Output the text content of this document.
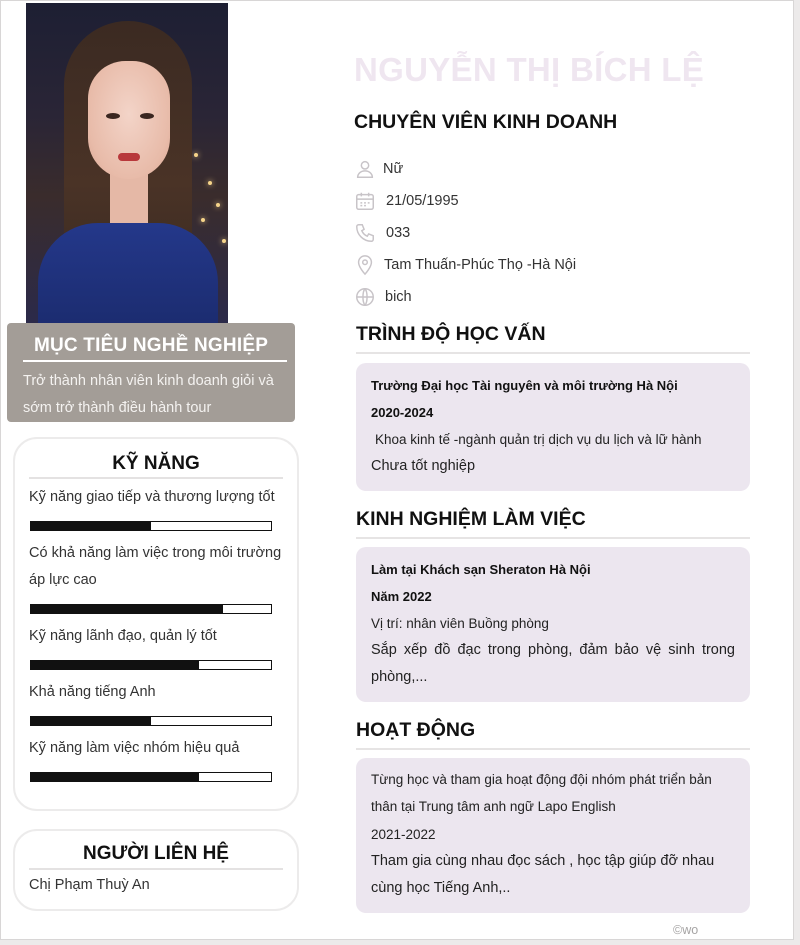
MỤC TIÊU NGHỀ NGHIỆP

Trở thành nhân viên kinh doanh giỏi và sớm trở thành điều hành tour

KỸ NĂNG
Kỹ năng giao tiếp và thương lượng tốt
Có khả năng làm việc trong môi trường áp lực cao
Kỹ năng lãnh đạo, quản lý tốt
Khả năng tiếng Anh
Kỹ năng làm việc nhóm hiệu quả
NGƯỜI LIÊN HỆ

Chị Phạm Thuỳ An

NGUYỄN THỊ BÍCH LỆ
CHUYÊN VIÊN KINH DOANH
Nữ
21/05/1995
033
Tam Thuấn-Phúc Thọ -Hà Nội
bich
TRÌNH ĐỘ HỌC VẤN
Trường Đại học Tài nguyên và môi trường Hà Nội
2020-2024
Khoa kinh tế -ngành quản trị dịch vụ du lịch và lữ hành
Chưa tốt nghiệp
KINH NGHIỆM LÀM VIỆC
Làm tại Khách sạn Sheraton Hà Nội
Năm 2022
Vị trí: nhân viên Buồng phòng
Sắp xếp đồ đạc trong phòng, đảm bảo vệ sinh trong phòng,...
HOẠT ĐỘNG
Từng học và tham gia hoạt động đội nhóm phát triển bản thân tại Trung tâm anh ngữ Lapo English
2021-2022
Tham gia cùng nhau đọc sách , học tập giúp đỡ nhau cùng học Tiếng Anh,..
©wo
